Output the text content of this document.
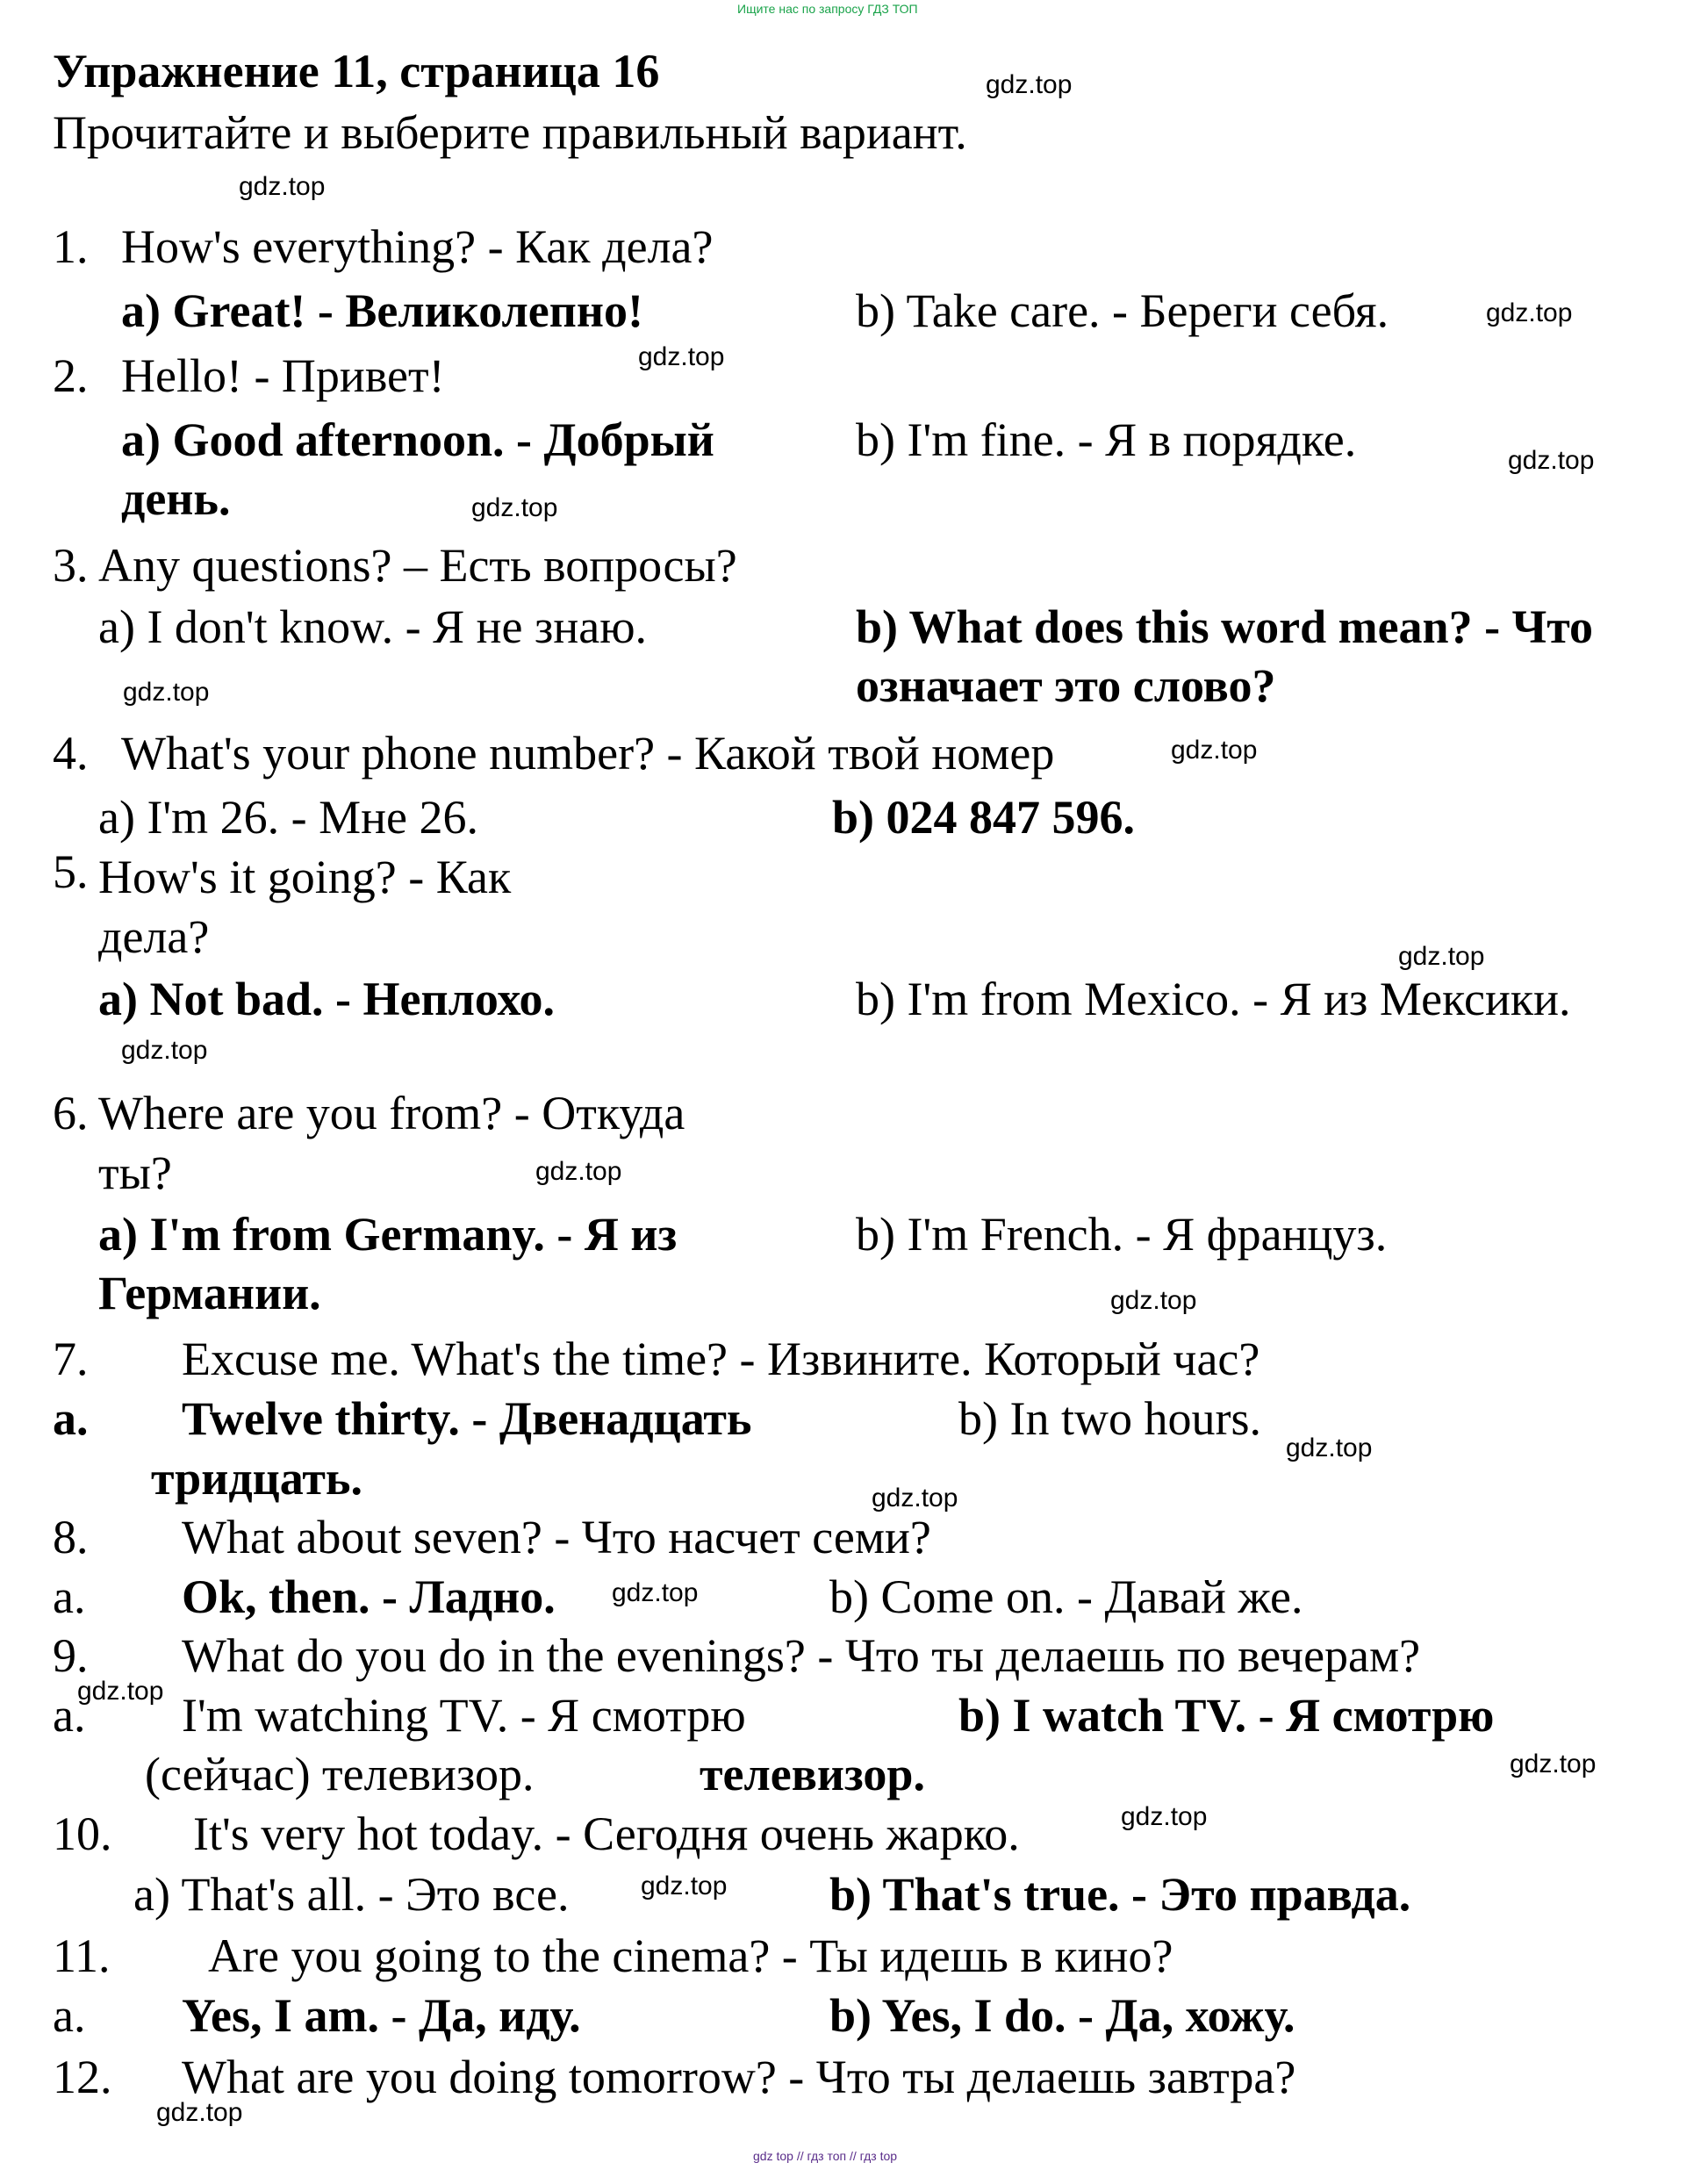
Ищите нас по запросу ГДЗ ТОП
Упражнение 11, страница 16
Прочитайте и выберите правильный вариант.
1. How's everything? - Как дела?
a) Great! - Великолепно!	b) Take care. - Береги себя.
2. Hello! - Привет!
a) Good afternoon. - Добрый
день.
b) I'm fine. - Я в порядке.
3. Any questions? – Есть вопросы?
a) I don't know. - Я не знаю.	b) What does this word mean? - Что
означает это слово?
4. What's your phone number? - Какой твой номер
a) I'm 26. - Мне 26.	b) 024 847 596.
5. How's it going? - Как
дела?
a) Not bad. - Неплохо.	b) I'm from Mexico. - Я из Мексики.
6. Where are you from? - Откуда
ты?
a) I'm from Germany. - Я из
Германии.
b) I'm French. - Я француз.
7. Excuse me. What's the time? - Извините. Который час?
a. Twelve thirty. - Двенадцать
тридцать.
b) In two hours.
8. What about seven? - Что насчет семи?
a. Ok, then. - Ладно.	b) Come on. - Давай же.
9. What do you do in the evenings? - Что ты делаешь по вечерам?
a. I'm watching TV. - Я смотрю
(сейчас) телевизор.
b) I watch TV. - Я смотрю
телевизор.
10. It's very hot today. - Сегодня очень жарко.
a) That's all. - Это все.	b) That's true. - Это правда.
11. Are you going to the cinema? - Ты идешь в кино?
a. Yes, I am. - Да, иду.	b) Yes, I do. - Да, хожу.
12. What are you doing tomorrow? - Что ты делаешь завтра?
gdz.top
gdz.top
gdz.top
gdz.top
gdz.top
gdz.top
gdz.top
gdz.top
gdz.top
gdz.top
gdz.top
gdz.top
gdz.top
gdz.top
gdz.top
gdz.top
gdz.top
gdz.top
gdz.top
gdz.top
gdz top // гдз топ // гдз top
